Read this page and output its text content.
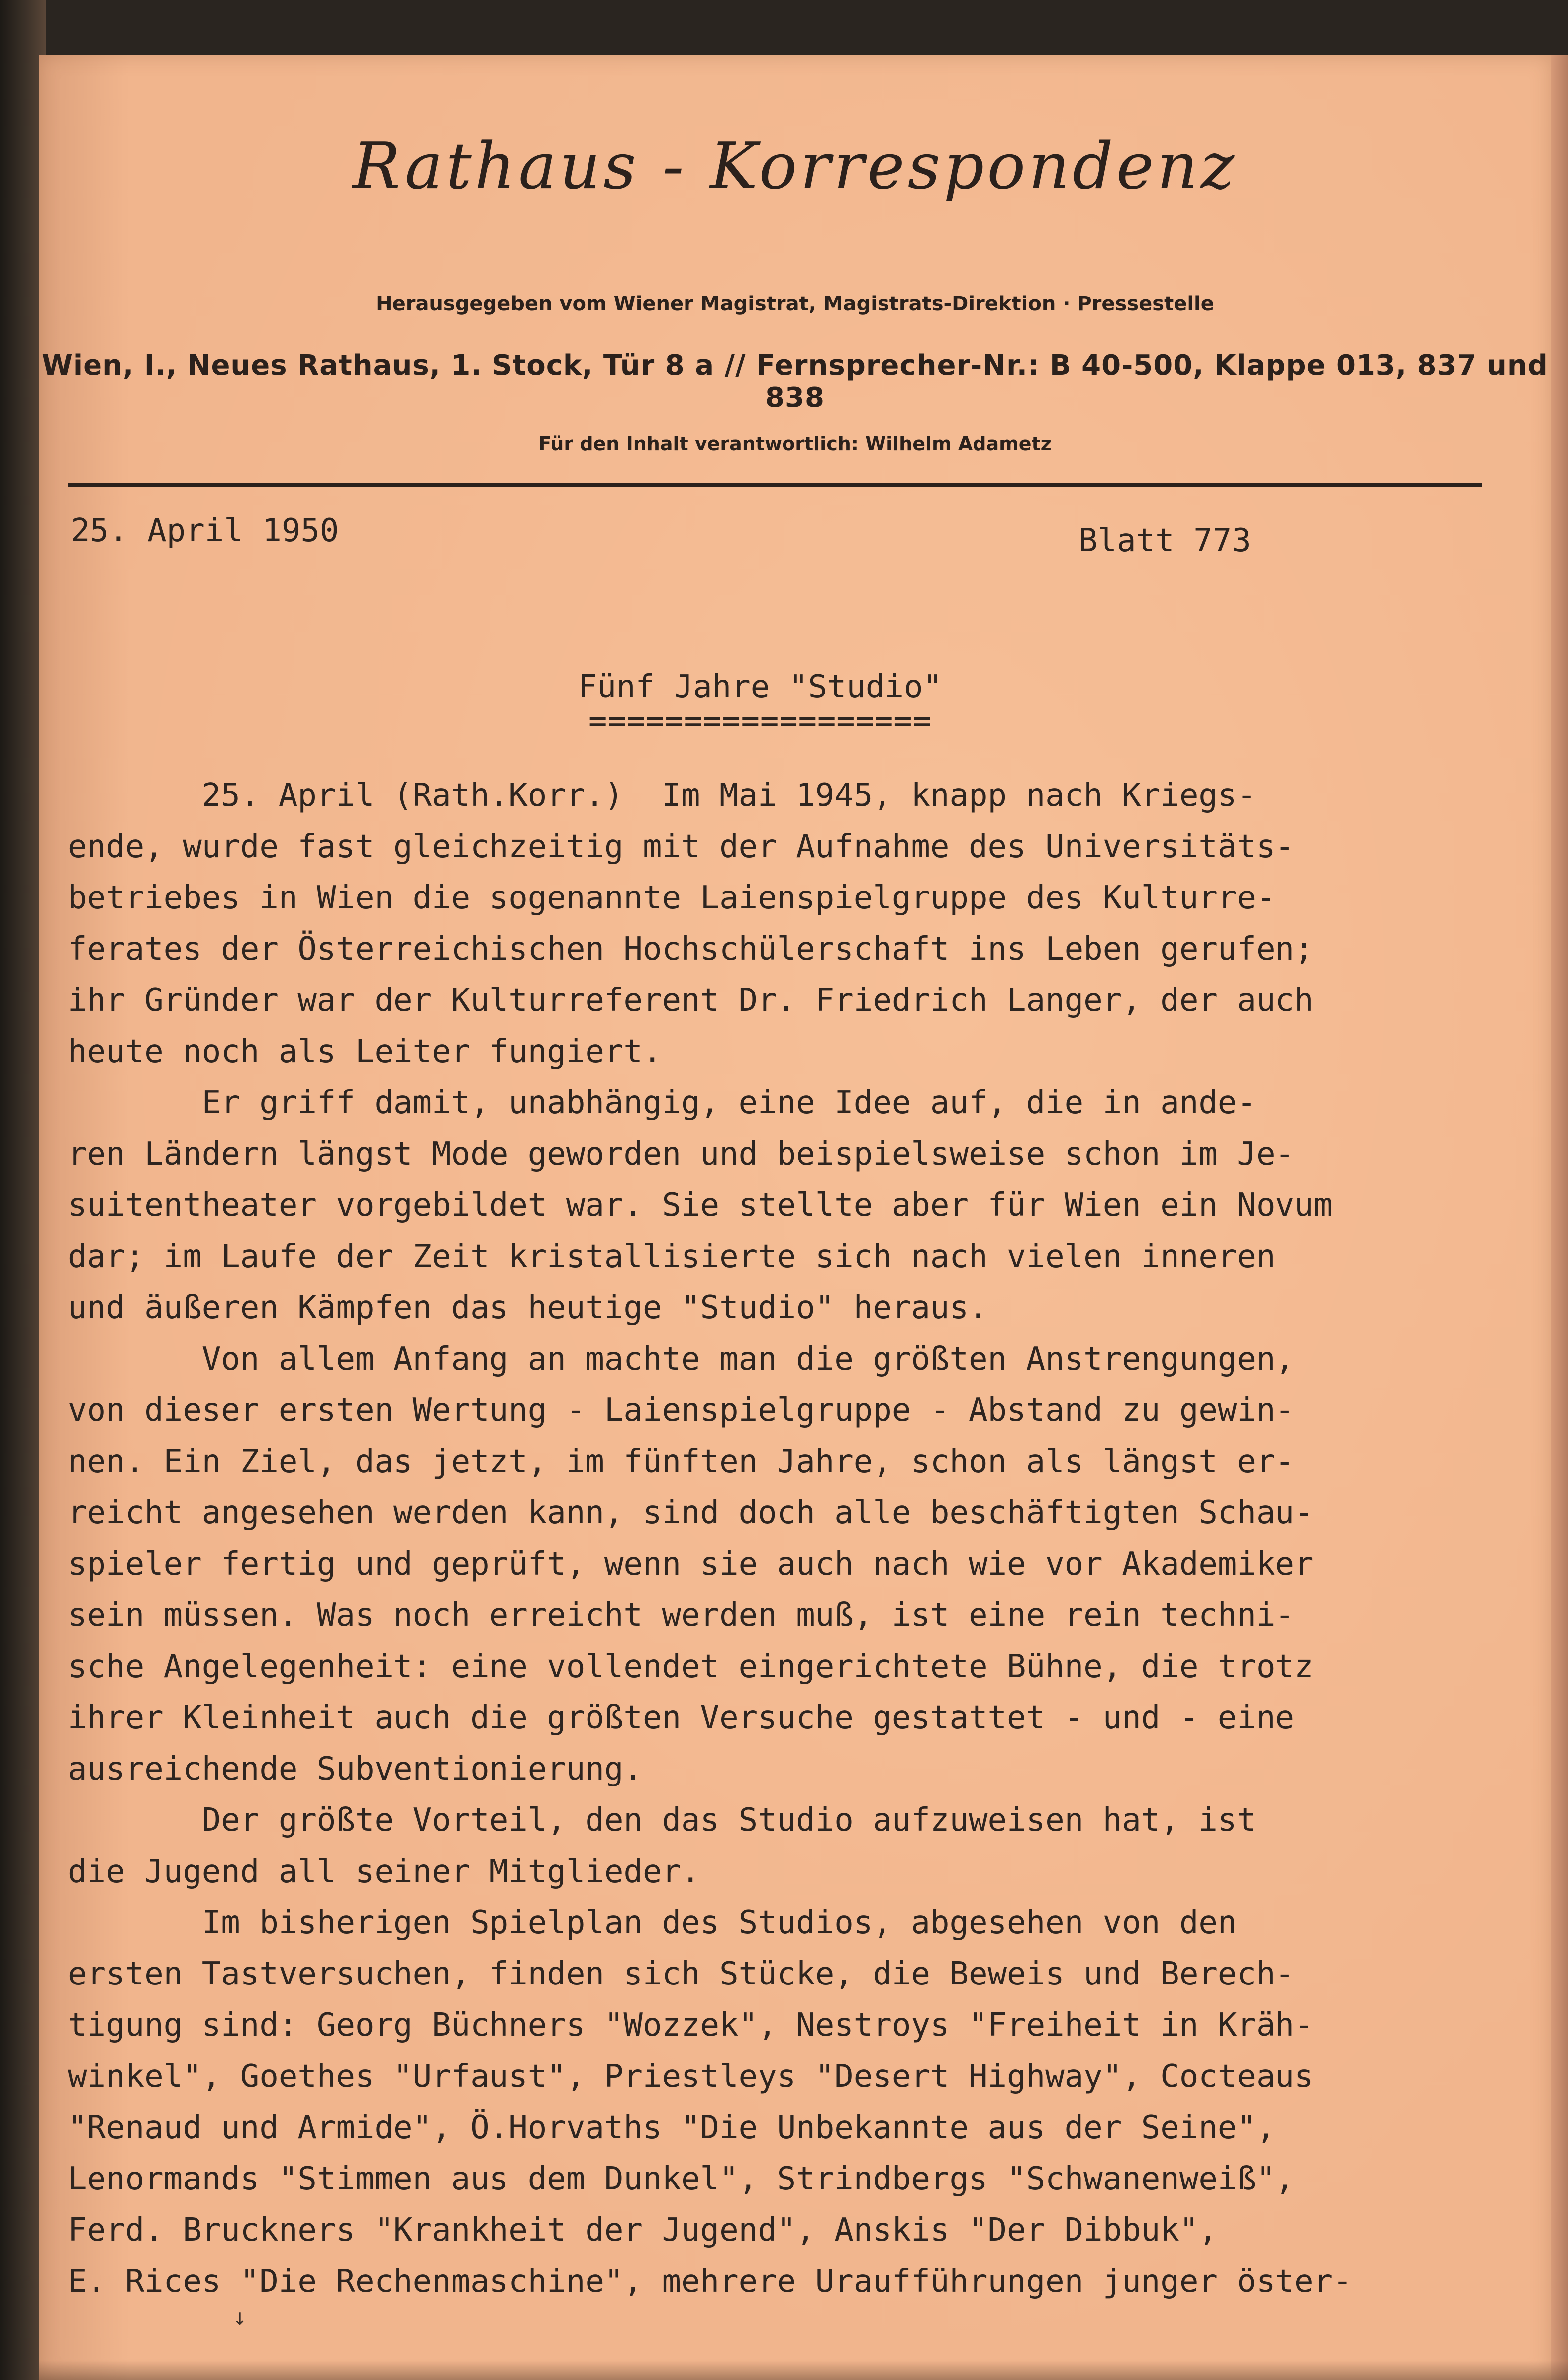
Rathaus - Korrespondenz
Herausgegeben vom Wiener Magistrat, Magistrats-Direktion · Pressestelle
Wien, I., Neues Rathaus, 1. Stock, Tür 8 a // Fernsprecher-Nr.: B 40-500, Klappe 013, 837 und 838
Für den Inhalt verantwortlich: Wilhelm Adametz
25. April 1950	Blatt 773
Fünf Jahre "Studio"
==================
25. April (Rath.Korr.)  Im Mai 1945, knapp nach Kriegs-
ende, wurde fast gleichzeitig mit der Aufnahme des Universitäts-
betriebes in Wien die sogenannte Laienspielgruppe des Kulturre-
ferates der Österreichischen Hochschülerschaft ins Leben gerufen;
ihr Gründer war der Kulturreferent Dr. Friedrich Langer, der auch
heute noch als Leiter fungiert.
Er griff damit, unabhängig, eine Idee auf, die in ande-
ren Ländern längst Mode geworden und beispielsweise schon im Je-
suitentheater vorgebildet war. Sie stellte aber für Wien ein Novum
dar; im Laufe der Zeit kristallisierte sich nach vielen inneren
und äußeren Kämpfen das heutige "Studio" heraus.
Von allem Anfang an machte man die größten Anstrengungen,
von dieser ersten Wertung - Laienspielgruppe - Abstand zu gewin-
nen. Ein Ziel, das jetzt, im fünften Jahre, schon als längst er-
reicht angesehen werden kann, sind doch alle beschäftigten Schau-
spieler fertig und geprüft, wenn sie auch nach wie vor Akademiker
sein müssen. Was noch erreicht werden muß, ist eine rein techni-
sche Angelegenheit: eine vollendet eingerichtete Bühne, die trotz
ihrer Kleinheit auch die größten Versuche gestattet - und - eine
ausreichende Subventionierung.
Der größte Vorteil, den das Studio aufzuweisen hat, ist
die Jugend all seiner Mitglieder.
Im bisherigen Spielplan des Studios, abgesehen von den
ersten Tastversuchen, finden sich Stücke, die Beweis und Berech-
tigung sind: Georg Büchners "Wozzek", Nestroys "Freiheit in Kräh-
winkel", Goethes "Urfaust", Priestleys "Desert Highway", Cocteaus
"Renaud und Armide", Ö.Horvaths "Die Unbekannte aus der Seine",
Lenormands "Stimmen aus dem Dunkel", Strindbergs "Schwanenweiß",
Ferd. Bruckners "Krankheit der Jugend", Anskis "Der Dibbuk",
E. Rices "Die Rechenmaschine", mehrere Uraufführungen junger öster-
↓
